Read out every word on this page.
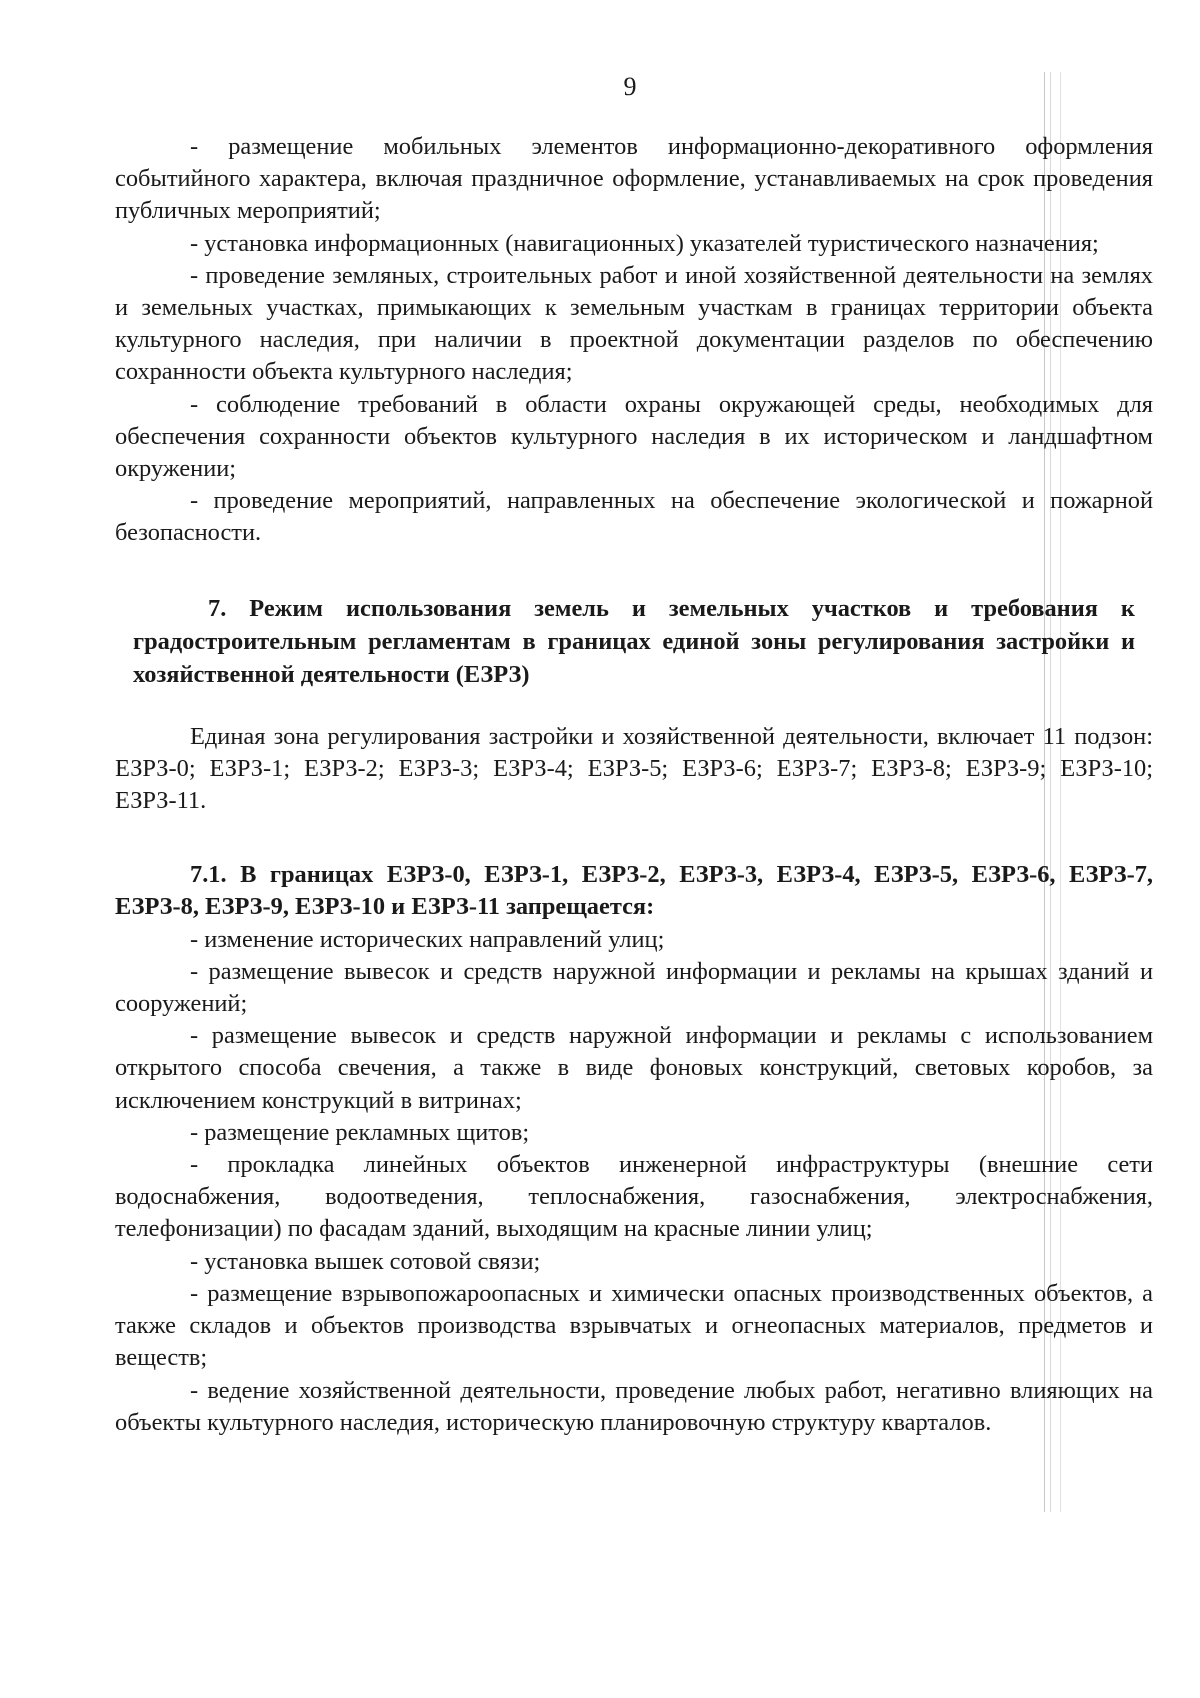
9

- размещение мобильных элементов информационно-декоративного оформления событийного характера, включая праздничное оформление, устанавливаемых на срок проведения публичных мероприятий;

- установка информационных (навигационных) указателей туристического назначения;

- проведение земляных, строительных работ и иной хозяйственной деятельности на землях и земельных участках, примыкающих к земельным участкам в границах территории объекта культурного наследия, при наличии в проектной документации разделов по обеспечению сохранности объекта культурного наследия;

- соблюдение требований в области охраны окружающей среды, необходимых для обеспечения сохранности объектов культурного наследия в их историческом и ландшафтном окружении;

- проведение мероприятий, направленных на обеспечение экологической и пожарной безопасности.

7. Режим использования земель и земельных участков и требования к градостроительным регламентам в границах единой зоны регулирования застройки и хозяйственной деятельности (ЕЗРЗ)

Единая зона регулирования застройки и хозяйственной деятельности, включает 11 подзон: ЕЗРЗ-0; ЕЗРЗ-1; ЕЗРЗ-2; ЕЗРЗ-3; ЕЗРЗ-4; ЕЗРЗ-5; ЕЗРЗ-6; ЕЗРЗ-7; ЕЗРЗ-8; ЕЗРЗ-9; ЕЗРЗ-10; ЕЗРЗ-11.

7.1. В границах ЕЗРЗ-0, ЕЗРЗ-1, ЕЗРЗ-2, ЕЗРЗ-3, ЕЗРЗ-4, ЕЗРЗ-5, ЕЗРЗ-6, ЕЗРЗ-7, ЕЗРЗ-8, ЕЗРЗ-9, ЕЗРЗ-10 и ЕЗРЗ-11 запрещается:

- изменение исторических направлений улиц;

- размещение вывесок и средств наружной информации и рекламы на крышах зданий и сооружений;

- размещение вывесок и средств наружной информации и рекламы с использованием открытого способа свечения, а также в виде фоновых конструкций, световых коробов, за исключением конструкций в витринах;

- размещение рекламных щитов;

- прокладка линейных объектов инженерной инфраструктуры (внешние сети водоснабжения, водоотведения, теплоснабжения, газоснабжения, электроснабжения, телефонизации) по фасадам зданий, выходящим на красные линии улиц;

- установка вышек сотовой связи;

- размещение взрывопожароопасных и химически опасных производственных объектов, а также складов и объектов производства взрывчатых и огнеопасных материалов, предметов и веществ;

- ведение хозяйственной деятельности, проведение любых работ, негативно влияющих на объекты культурного наследия, историческую планировочную структуру кварталов.
